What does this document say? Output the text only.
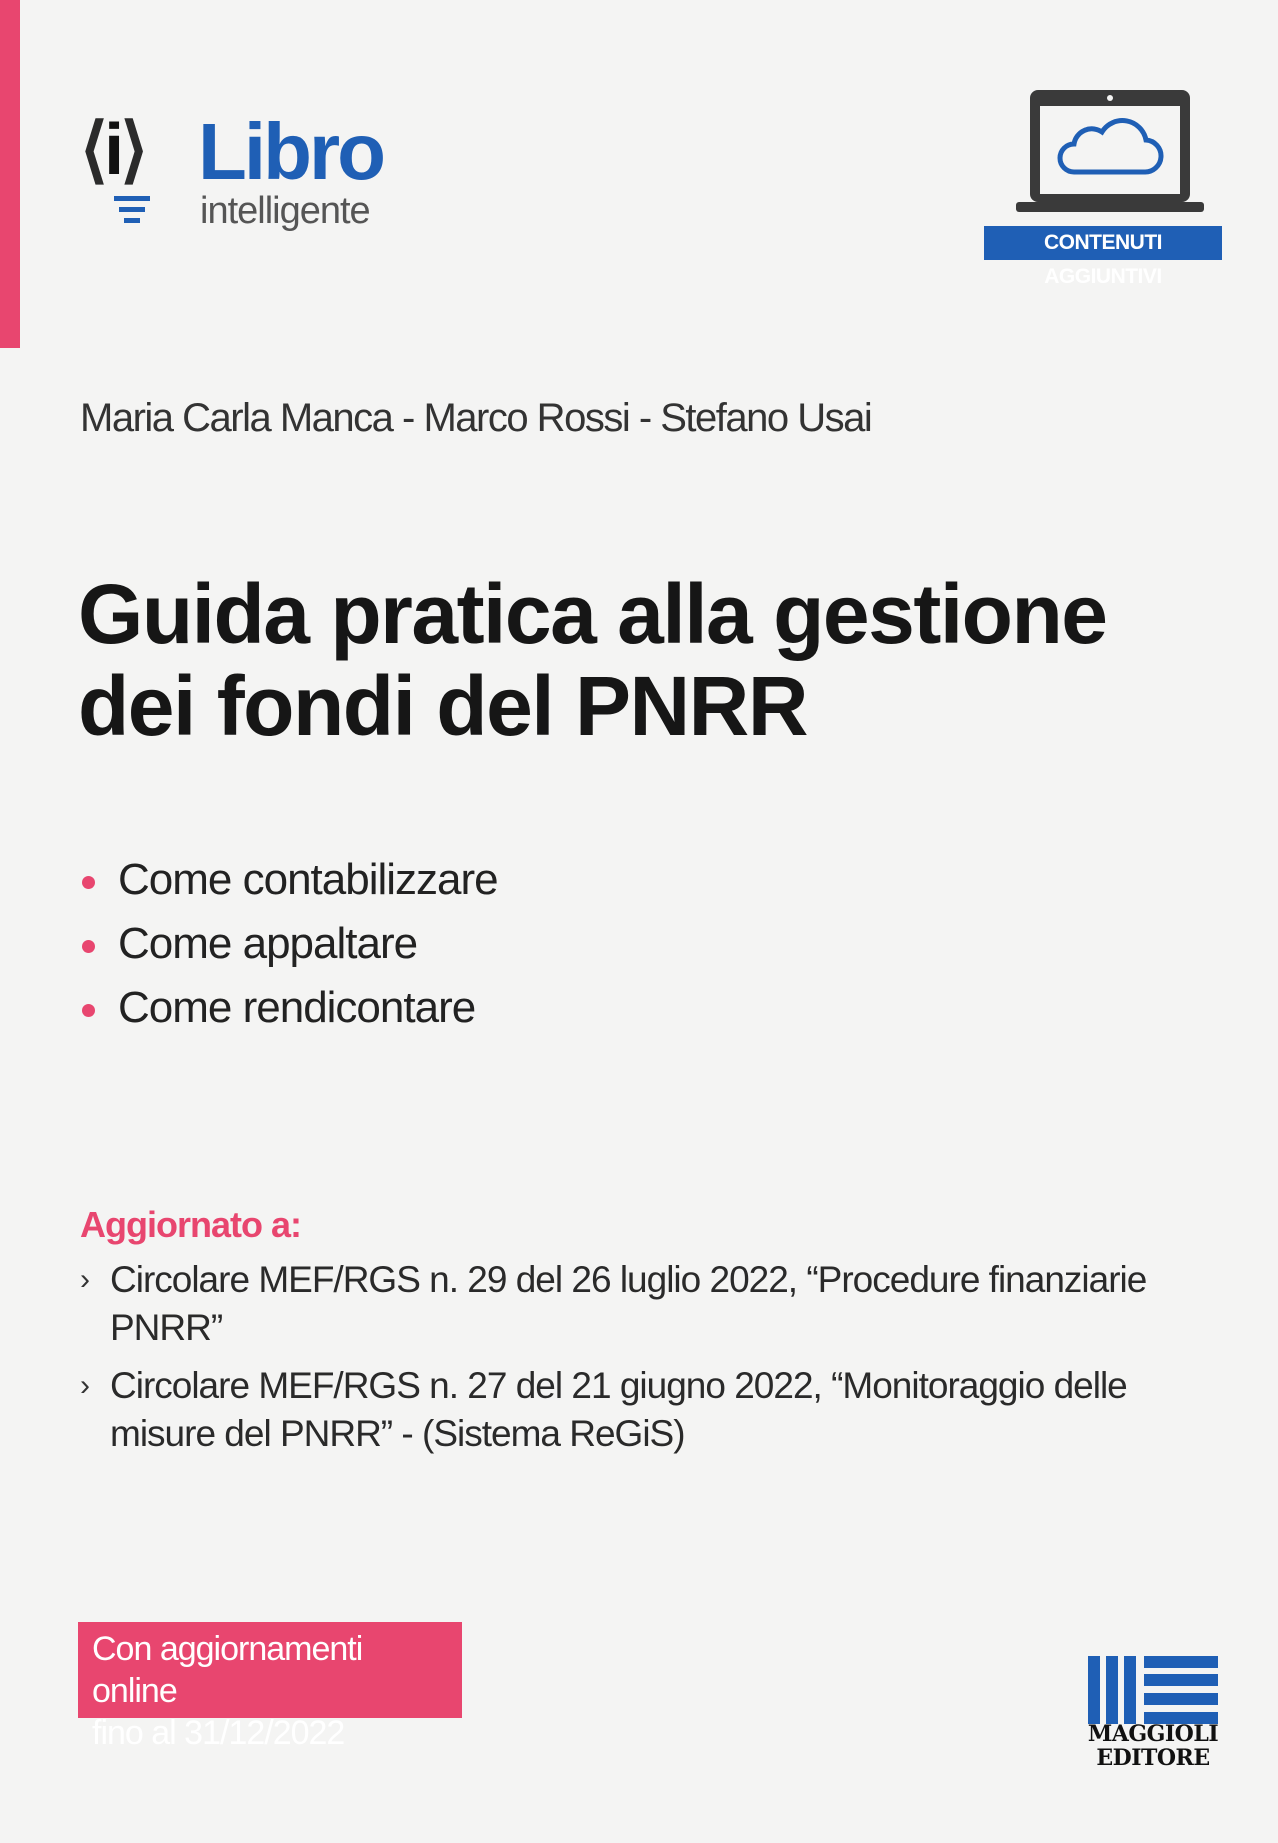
⟨i⟩ Libro
intelligente
CONTENUTI AGGIUNTIVI
Maria Carla Manca - Marco Rossi - Stefano Usai
Guida pratica alla gestione
dei fondi del PNRR
Come contabilizzare
Come appaltare
Come rendicontare
Aggiornato a:
› Circolare MEF/RGS n. 29 del 26 luglio 2022, “Procedure finanziarie PNRR”
› Circolare MEF/RGS n. 27 del 21 giugno 2022, “Monitoraggio delle misure del PNRR” - (Sistema ReGiS)
Con aggiornamenti online
fino al 31/12/2022	MAGGIOLI
EDITORE
